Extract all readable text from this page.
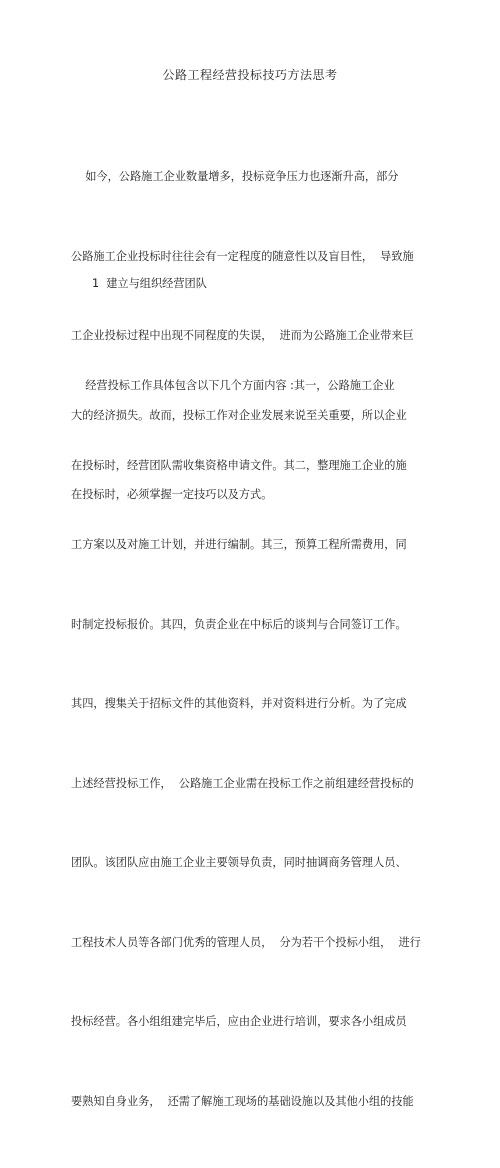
公路工程经营投标技巧方法思考

如今，公路施工企业数量增多，投标竞争压力也逐渐升高，部分

公路施工企业投标时往往会有一定程度的随意性以及盲目性，  导致施

工企业投标过程中出现不同程度的失误，  进而为公路施工企业带来巨

大的经济损失。故而，投标工作对企业发展来说至关重要，所以企业

在投标时，必须掌握一定技巧以及方式。

1  建立与组织经营团队

经营投标工作具体包含以下几个方面内容 :其一，公路施工企业

在投标时，经营团队需收集资格申请文件。其二，整理施工企业的施

工方案以及对施工计划，并进行编制。其三，预算工程所需费用，同

时制定投标报价。其四，负责企业在中标后的谈判与合同签订工作。

其四，搜集关于招标文件的其他资料，并对资料进行分析。为了完成

上述经营投标工作，  公路施工企业需在投标工作之前组建经营投标的

团队。该团队应由施工企业主要领导负责，同时抽调商务管理人员、

工程技术人员等各部门优秀的管理人员，  分为若干个投标小组，  进行

投标经营。各小组组建完毕后，应由企业进行培训，要求各小组成员

要熟知自身业务，  还需了解施工现场的基础设施以及其他小组的技能
